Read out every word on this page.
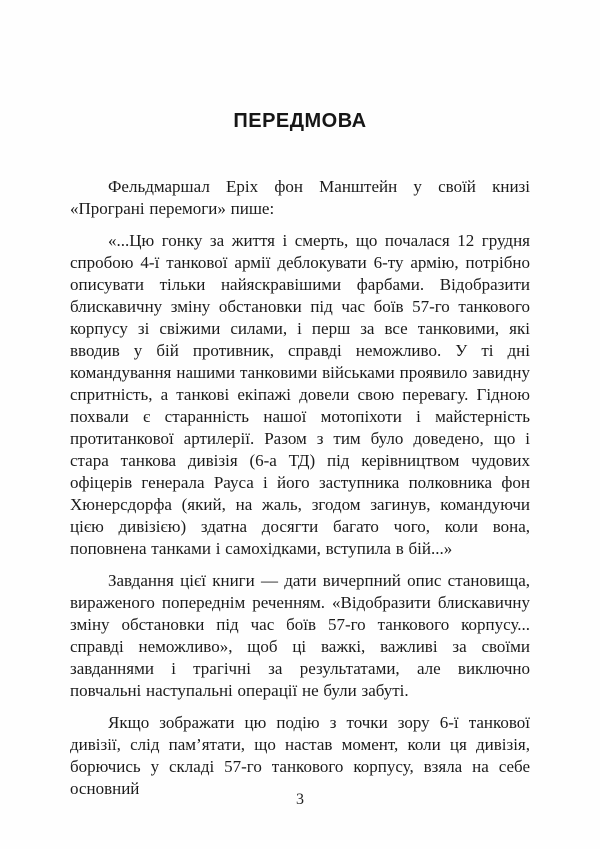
ПЕРЕДМОВА

Фельдмаршал Еріх фон Манштейн у своїй книзі «Програні перемоги» пише:

«...Цю гонку за життя і смерть, що почалася 12 грудня спробою 4-ї танкової армії деблокувати 6-ту армію, потрібно описувати тільки найяскравішими фарбами. Відобразити блискавичну зміну обстановки під час боїв 57-го танкового корпусу зі свіжими силами, і перш за все танковими, які вводив у бій противник, справді неможливо. У ті дні командування нашими танковими військами проявило завидну спритність, а танкові екіпажі довели свою перевагу. Гідною похвали є старанність нашої мотопіхоти і майстерність протитанкової артилерії. Разом з тим було доведено, що і стара танкова дивізія (6-а ТД) під керівництвом чудових офіцерів генерала Рауса і його заступника полковника фон Хюнерсдорфа (який, на жаль, згодом загинув, командуючи цією дивізією) здатна досягти багато чого, коли вона, поповнена танками і самохідками, вступила в бій...»

Завдання цієї книги — дати вичерпний опис становища, вираженого попереднім реченням. «Відобразити блискавичну зміну обстановки під час боїв 57-го танкового корпусу... справді неможливо», щоб ці важкі, важливі за своїми завданнями і трагічні за результатами, але виключно повчальні наступальні операції не були забуті.

Якщо зображати цю подію з точки зору 6-ї танкової дивізії, слід пам’ятати, що настав момент, коли ця дивізія, борючись у складі 57-го танкового корпусу, взяла на себе основний

3
